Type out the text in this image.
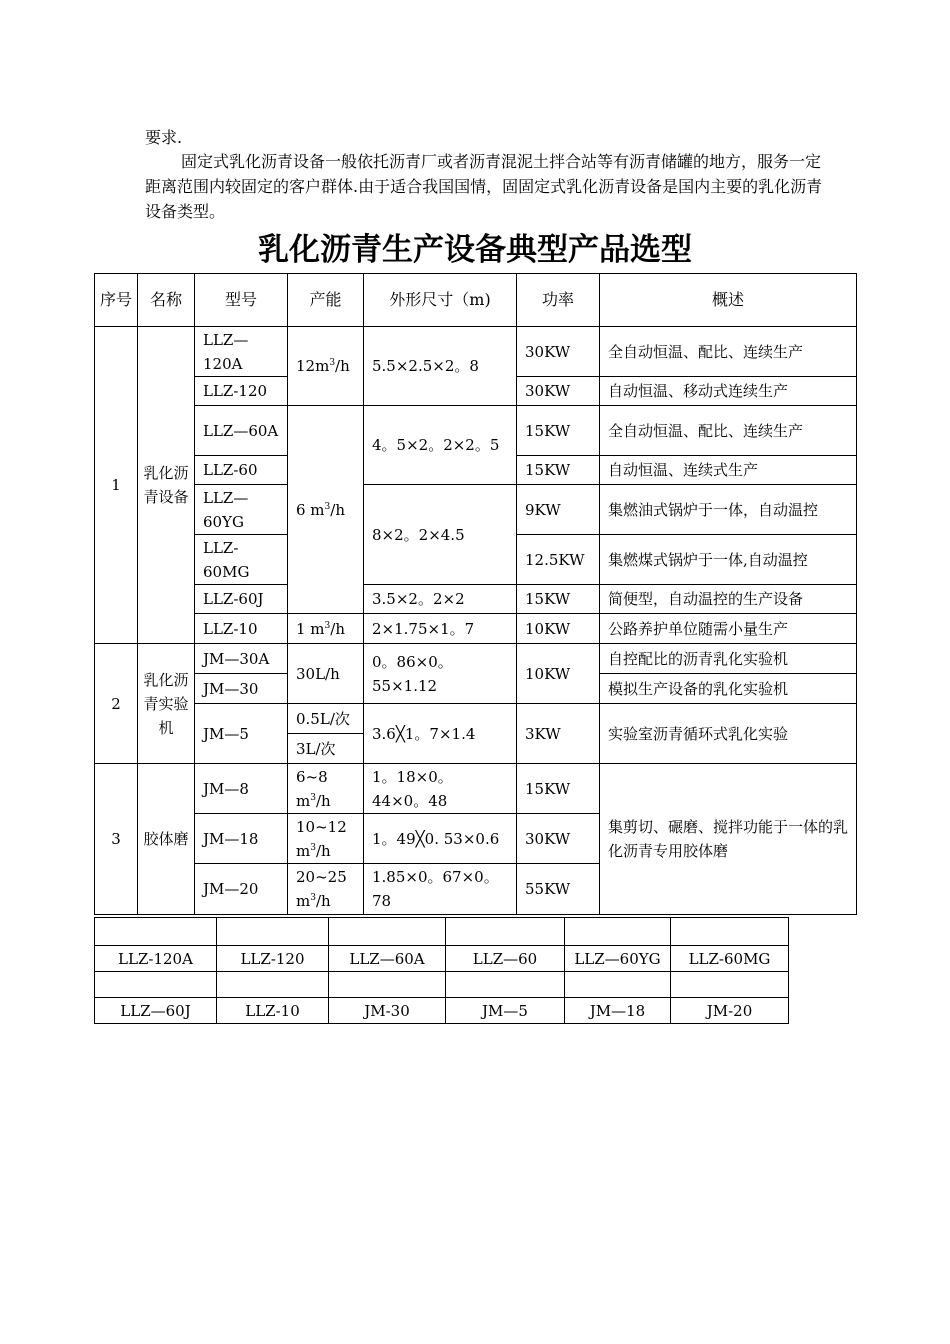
要求.

固定式乳化沥青设备一般依托沥青厂或者沥青混泥土拌合站等有沥青储罐的地方，服务一定距离范围内较固定的客户群体.由于适合我国国情，固固定式乳化沥青设备是国内主要的乳化沥青设备类型。

乳化沥青生产设备典型产品选型
序号	名称	型号	产能	外形尺寸（m)	功率	概述
1	乳化沥青设备	LLZ—120A	$12m^3/h$	5.5×2.5×2。8	30KW	全自动恒温、配比、连续生产
		LLZ-120			30KW	自动恒温、移动式连续生产
		LLZ—60A	6 $m^3/h$	4。5×2。2×2。5	15KW	全自动恒温、配比、连续生产
		LLZ-60			15KW	自动恒温、连续式生产
		LLZ—60YG		8×2。2×4.5	9KW	集燃油式锅炉于一体，自动温控
		LLZ-60MG			12.5KW	集燃煤式锅炉于一体,自动温控
		LLZ-60J		3.5×2。2×2	15KW	简便型，自动温控的生产设备
		LLZ-10	1 $m^3/h$	2×1.75×1。7	10KW	公路养护单位随需小量生产
2	乳化沥青实验机	JM—30A	30L/h	0。86×0。55×1.12	10KW	自控配比的沥青乳化实验机
		JM—30				模拟生产设备的乳化实验机
		JM—5	0.5L/次	3.6╳1。7×1.4	3KW	实验室沥青循环式乳化实验
			3L/次			
3	胶体磨	JM—8	6~8 $m^3/h$	1。18×0。44×0。48	15KW	集剪切、碾磨、搅拌功能于一体的乳化沥青专用胶体磨
		JM—18	10~12 $m^3/h$	1。49╳0. 53×0.6	30KW	
		JM—20	20~25 $m^3/h$	1.85×0。67×0。78	55KW	

LLZ-120A	LLZ-120	LLZ—60A	LLZ—60	LLZ—60YG	LLZ-60MG

LLZ—60J	LLZ-10	JM-30	JM—5	JM—18	JM-20
